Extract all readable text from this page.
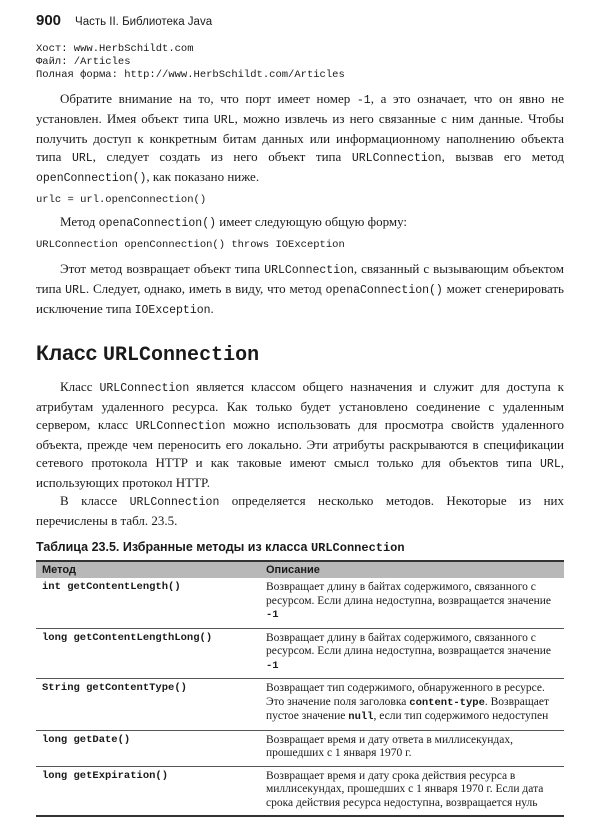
900 Часть II. Библиотека Java
Хост: www.HerbSchildt.com
Файл: /Articles
Полная форма: http://www.HerbSchildt.com/Articles

Обратите внимание на то, что порт имеет номер -1, а это означает, что он явно не установлен. Имея объект типа URL, можно извлечь из него связанные с ним данные. Чтобы получить доступ к конкретным битам данных или информационному наполнению объекта типа URL, следует создать из него объект типа URLConnection, вызвав его метод openConnection(), как показано ниже.

urlc = url.openConnection()

Метод openaConnection() имеет следующую общую форму:

URLConnection openConnection() throws IOException

Этот метод возвращает объект типа URLConnection, связанный с вызывающим объектом типа URL. Следует, однако, иметь в виду, что метод openaConnection() может сгенерировать исключение типа IOException.

Класс URLConnection

Класс URLConnection является классом общего назначения и служит для доступа к атрибутам удаленного ресурса. Как только будет установлено соединение с удаленным сервером, класс URLConnection можно использовать для просмотра свойств удаленного объекта, прежде чем переносить его локально. Эти атрибуты раскрываются в спецификации сетевого протокола HTTP и как таковые имеют смысл только для объектов типа URL, использующих протокол HTTP.

В классе URLConnection определяется несколько методов. Некоторые из них перечислены в табл. 23.5.

Таблица 23.5. Избранные методы из класса URLConnection
Метод	Описание
int getContentLength()	Возвращает длину в байтах содержимого, связанного с ресурсом. Если длина недоступна, возвращается значение -1
long getContentLengthLong()	Возвращает длину в байтах содержимого, связанного с ресурсом. Если длина недоступна, возвращается значение -1
String getContentType()	Возвращает тип содержимого, обнаруженного в ресурсе. Это значение поля заголовка content-type. Возвращает пустое значение null, если тип содержимого недоступен
long getDate()	Возвращает время и дату ответа в миллисекундах, прошедших с 1 января 1970 г.
long getExpiration()	Возвращает время и дату срока действия ресурса в миллисекундах, прошедших с 1 января 1970 г. Если дата срока действия ресурса недоступна, возвращается нуль
